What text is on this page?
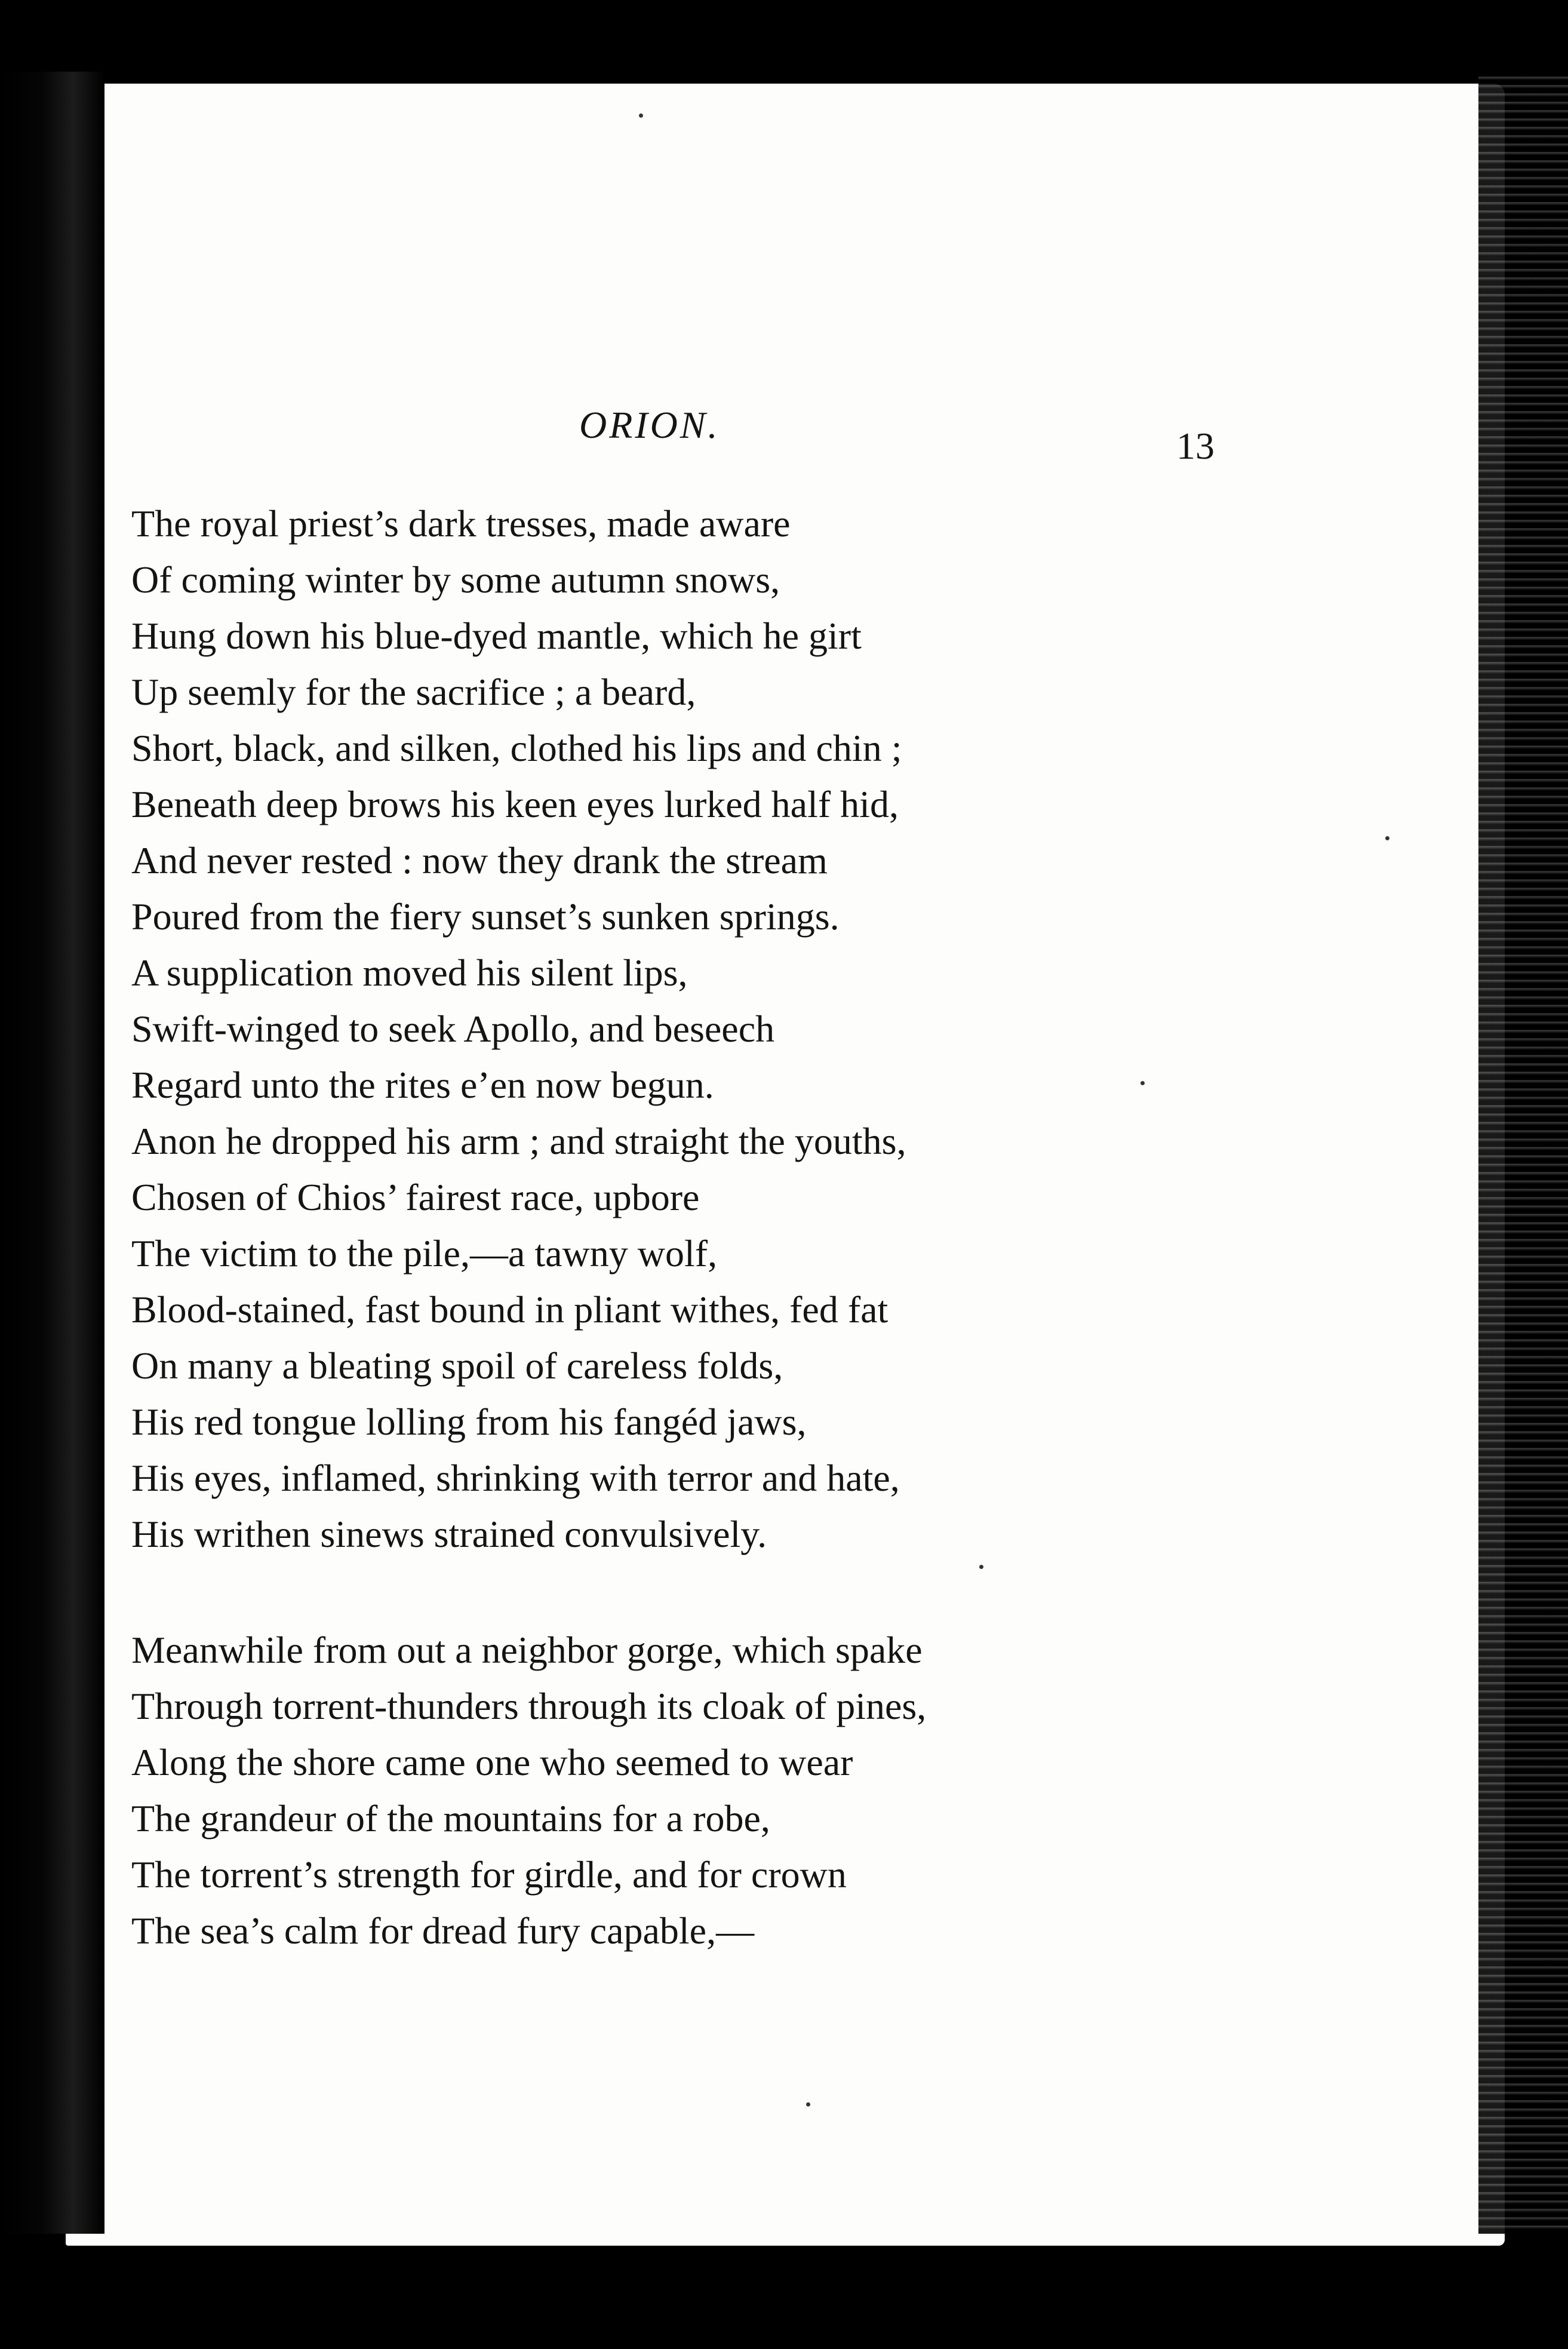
ORION.	13
The royal priest’s dark tresses, made aware
Of coming winter by some autumn snows,
Hung down his blue-dyed mantle, which he girt
Up seemly for the sacrifice ; a beard,
Short, black, and silken, clothed his lips and chin ;
Beneath deep brows his keen eyes lurked half hid,
And never rested : now they drank the stream
Poured from the fiery sunset’s sunken springs.
A supplication moved his silent lips,
Swift-winged to seek Apollo, and beseech
Regard unto the rites e’en now begun.
Anon he dropped his arm ; and straight the youths,
Chosen of Chios’ fairest race, upbore
The victim to the pile,—a tawny wolf,
Blood-stained, fast bound in pliant withes, fed fat
On many a bleating spoil of careless folds,
His red tongue lolling from his fangéd jaws,
His eyes, inflamed, shrinking with terror and hate,
His writhen sinews strained convulsively.
Meanwhile from out a neighbor gorge, which spake
Through torrent-thunders through its cloak of pines,
Along the shore came one who seemed to wear
The grandeur of the mountains for a robe,
The torrent’s strength for girdle, and for crown
The sea’s calm for dread fury capable,—
